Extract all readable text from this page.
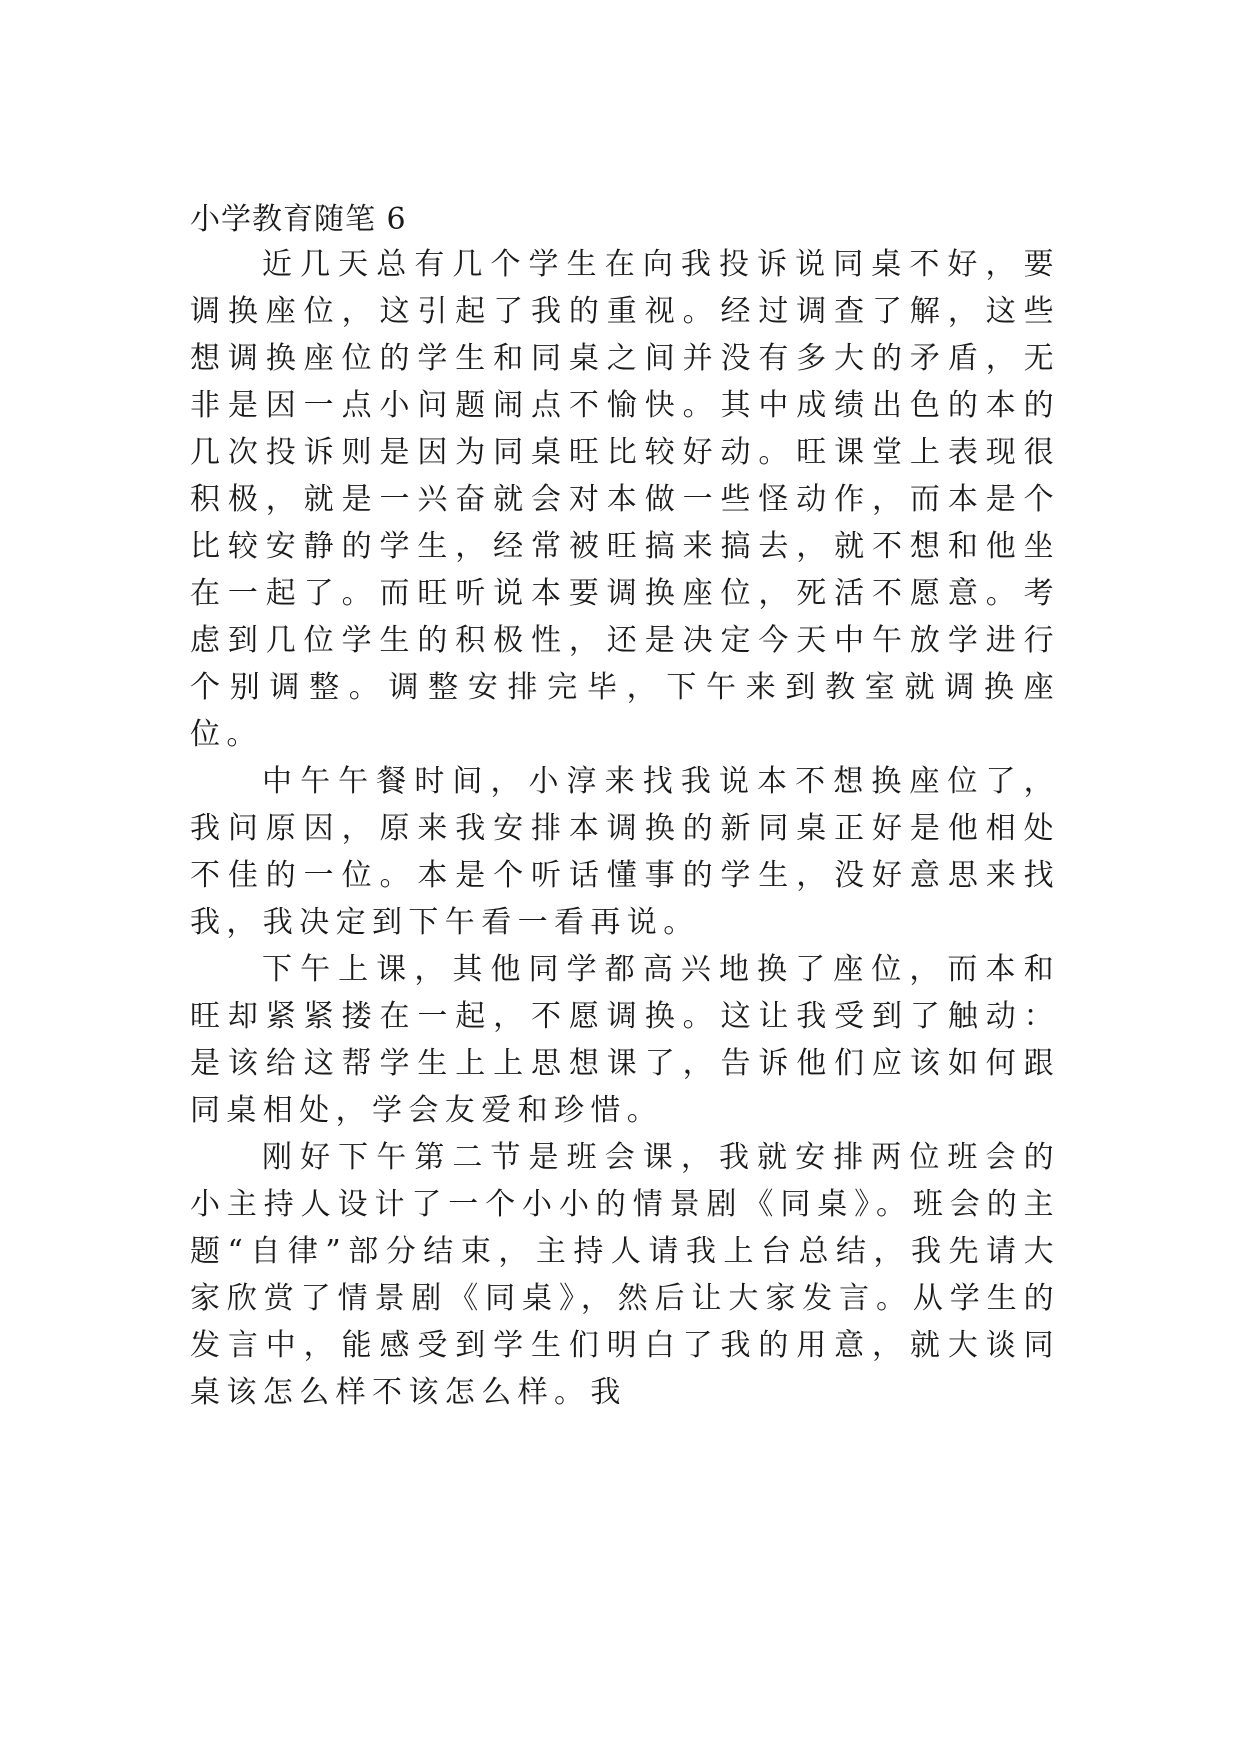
小学教育随笔 6

近几天总有几个学生在向我投诉说同桌不好，要调换座位，这引起了我的重视。经过调查了解，这些想调换座位的学生和同桌之间并没有多大的矛盾，无非是因一点小问题闹点不愉快。其中成绩出色的本的几次投诉则是因为同桌旺比较好动。旺课堂上表现很积极，就是一兴奋就会对本做一些怪动作，而本是个比较安静的学生，经常被旺搞来搞去，就不想和他坐在一起了。而旺听说本要调换座位，死活不愿意。考虑到几位学生的积极性，还是决定今天中午放学进行个别调整。调整安排完毕，下午来到教室就调换座位。

中午午餐时间，小淳来找我说本不想换座位了，我问原因，原来我安排本调换的新同桌正好是他相处不佳的一位。本是个听话懂事的学生，没好意思来找我，我决定到下午看一看再说。

下午上课，其他同学都高兴地换了座位，而本和旺却紧紧搂在一起，不愿调换。这让我受到了触动：是该给这帮学生上上思想课了，告诉他们应该如何跟同桌相处，学会友爱和珍惜。

刚好下午第二节是班会课，我就安排两位班会的小主持人设计了一个小小的情景剧《同桌》。班会的主题“自律”部分结束，主持人请我上台总结，我先请大家欣赏了情景剧《同桌》，然后让大家发言。从学生的发言中，能感受到学生们明白了我的用意，就大谈同桌该怎么样不该怎么样。我
